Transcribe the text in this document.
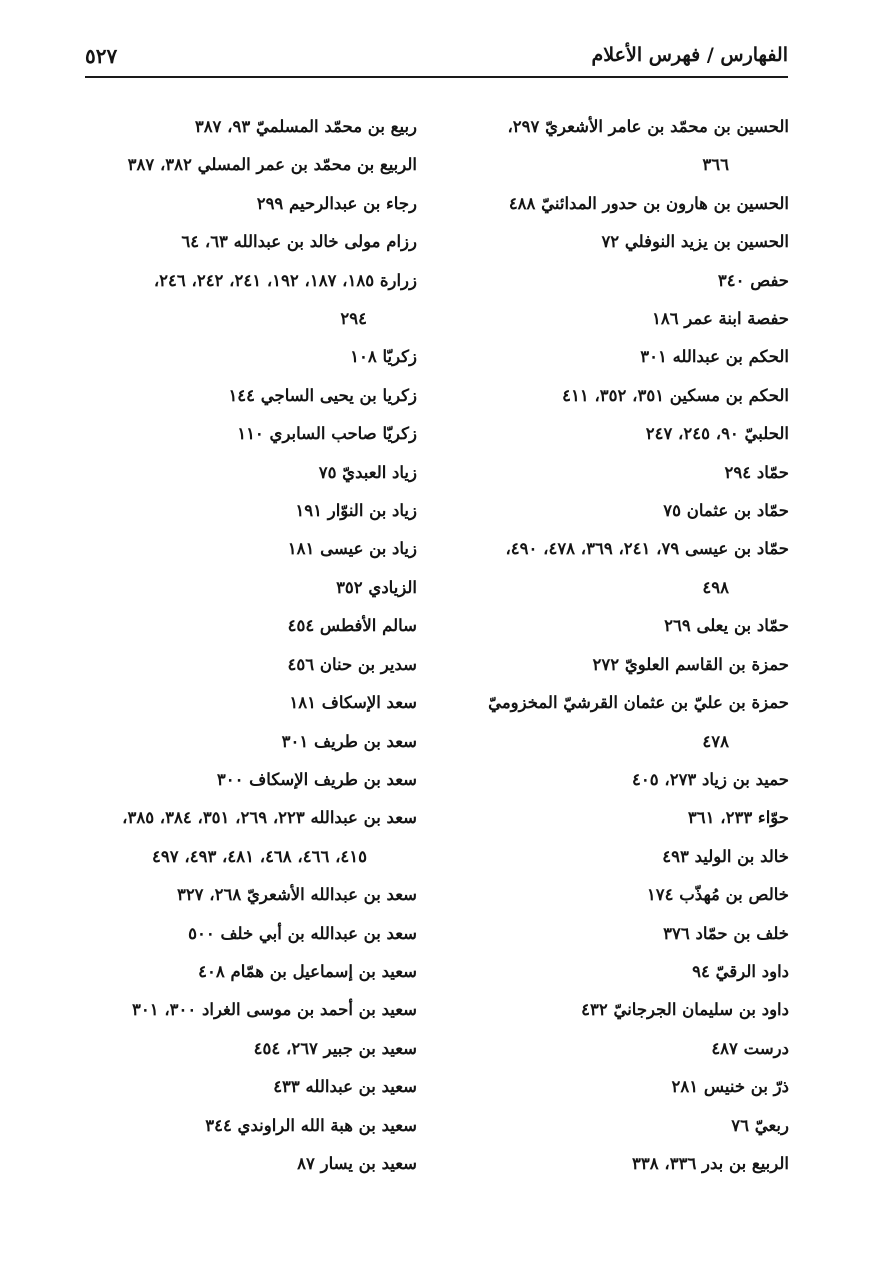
الفهارس / فهرس الأعلام
٥٢٧
الحسين بن محمّد بن عامر الأشعريّ ٢٩٧،
٣٦٦
الحسين بن هارون بن حدور المدائنيّ ٤٨٨
الحسين بن يزيد النوفلي ٧٢
حفص ٣٤٠
حفصة ابنة عمر ١٨٦
الحكم بن عبدالله ٣٠١
الحكم بن مسكين ٣٥١، ٣٥٢، ٤١١
الحلبيّ ٩٠، ٢٤٥، ٢٤٧
حمّاد ٢٩٤
حمّاد بن عثمان ٧٥
حمّاد بن عيسى ٧٩، ٢٤١، ٣٦٩، ٤٧٨، ٤٩٠،
٤٩٨
حمّاد بن يعلى ٢٦٩
حمزة بن القاسم العلويّ ٢٧٢
حمزة بن عليّ بن عثمان القرشيّ المخزوميّ
٤٧٨
حميد بن زياد ٢٧٣، ٤٠٥
حوّاء ٢٣٣، ٣٦١
خالد بن الوليد ٤٩٣
خالص بن مُهذّب ١٧٤
خلف بن حمّاد ٣٧٦
داود الرقيّ ٩٤
داود بن سليمان الجرجانيّ ٤٣٢
درست ٤٨٧
ذرّ بن خنيس ٢٨١
ربعيّ ٧٦
الربيع بن بدر ٣٣٦، ٣٣٨
ربيع بن محمّد المسلميّ ٩٣، ٣٨٧
الربيع بن محمّد بن عمر المسلي ٣٨٢، ٣٨٧
رجاء بن عبدالرحيم ٢٩٩
رزام مولى خالد بن عبدالله ٦٣، ٦٤
زرارة ١٨٥، ١٨٧، ١٩٢، ٢٤١، ٢٤٢، ٢٤٦،
٢٩٤
زكريّا ١٠٨
زكريا بن يحيى الساجي ١٤٤
زكريّا صاحب السابري ١١٠
زياد العبديّ ٧٥
زياد بن النوّار ١٩١
زياد بن عيسى ١٨١
الزيادي ٣٥٢
سالم الأفطس ٤٥٤
سدير بن حنان ٤٥٦
سعد الإسكاف ١٨١
سعد بن طريف ٣٠١
سعد بن طريف الإسكاف ٣٠٠
سعد بن عبدالله ٢٢٣، ٢٦٩، ٣٥١، ٣٨٤، ٣٨٥،
٤١٥، ٤٦٦، ٤٦٨، ٤٨١، ٤٩٣، ٤٩٧
سعد بن عبدالله الأشعريّ ٢٦٨، ٣٢٧
سعد بن عبدالله بن أبي خلف ٥٠٠
سعيد بن إسماعيل بن همّام ٤٠٨
سعيد بن أحمد بن موسى الغراد ٣٠٠، ٣٠١
سعيد بن جبير ٢٦٧، ٤٥٤
سعيد بن عبدالله ٤٣٣
سعيد بن هبة الله الراوندي ٣٤٤
سعيد بن يسار ٨٧
